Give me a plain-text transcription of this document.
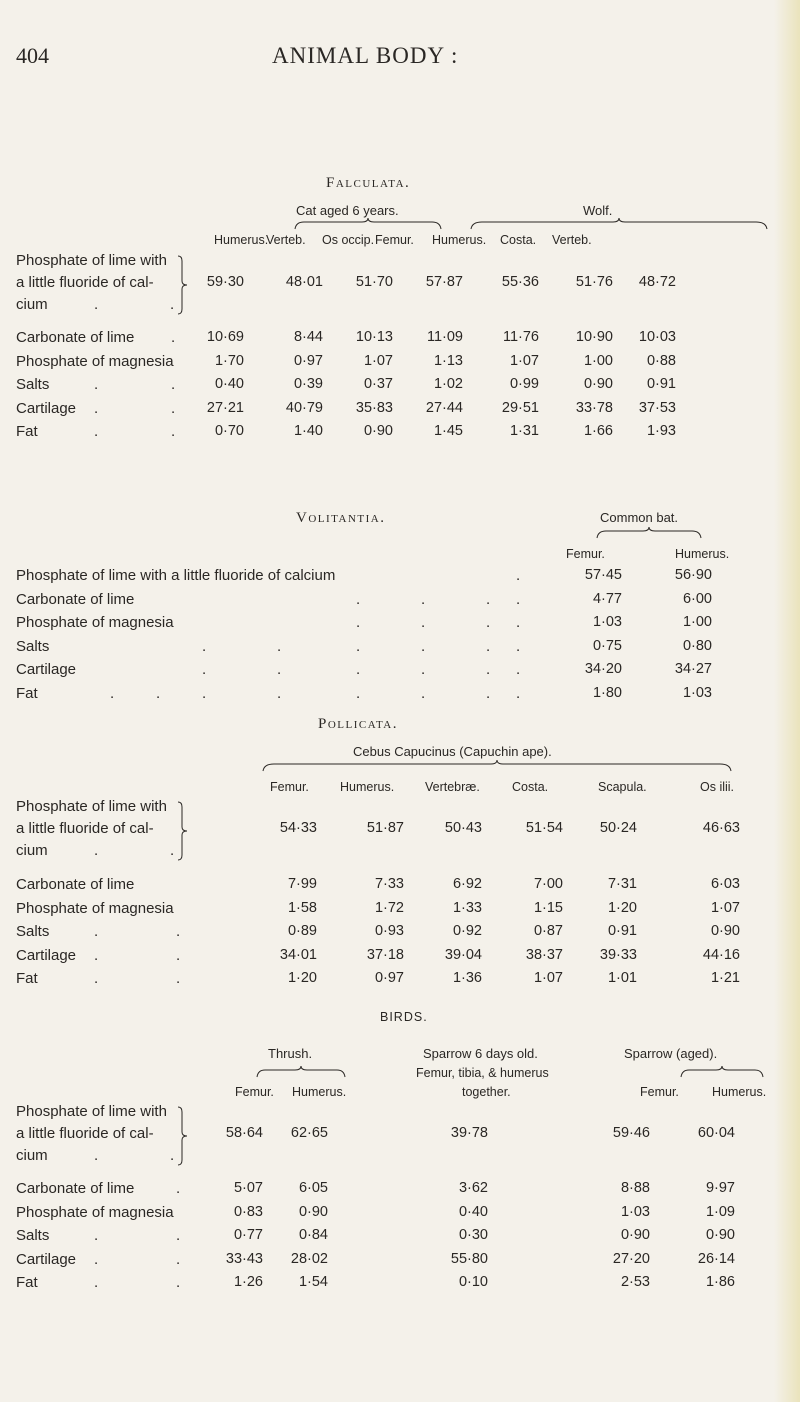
404	ANIMAL BODY :
Falculata.
Cat aged 6 years.	Wolf.
Humerus.
Verteb. Os occip. Femur. Humerus. Costa. Verteb.
Phosphate of lime with
a little fluoride of cal-
cium	.	.
59·30	48·01	51·70	57·87	55·36	51·76	48·72
Carbonate of lime .	10·69	8·44	10·13	11·09	11·76	10·90	10·03
Phosphate of magnesia	1·70	0·97	1·07	1·13	1·07	1·00	0·88
Salts	.	.	0·40	0·39	0·37	1·02	0·99	0·90	0·91
Cartilage .	.	27·21	40·79	35·83	27·44	29·51	33·78	37·53
Fat	.	.	0·70	1·40	0·90	1·45	1·31	1·66	1·93
Volitantia.	Common bat.
Femur.	Humerus.
Phosphate of lime with a little fluoride of calcium	.	57·45	56·90
Carbonate of lime	.	.	. .	4·77	6·00
Phosphate of magnesia	.	.	. .	1·03	1·00
Salts	.	.	.	.	. .	0·75	0·80
Cartilage	.	.	.	.	. .	34·20	34·27
Fat	.	.	.	.	.	.	. .	1·80	1·03
Pollicata.
Cebus Capucinus (Capuchin ape).
Femur. Humerus. Vertebræ.	Costa.	Scapula.	Os ilii.
Phosphate of lime with
a little fluoride of cal-
cium	.	.
54·33	51·87	50·43	51·54	50·24	46·63
Carbonate of lime	7·99	7·33	6·92	7·00	7·31	6·03
Phosphate of magnesia	1·58	1·72	1·33	1·15	1·20	1·07
Salts	.	.	0·89	0·93	0·92	0·87	0·91	0·90
Cartilage .	.	34·01	37·18	39·04	38·37	39·33	44·16
Fat	.	.	1·20	0·97	1·36	1·07	1·01	1·21
BIRDS.
Thrush.	Sparrow 6 days old.	Sparrow (aged).
Femur. Humerus.
Femur, tibia, & humerus
together.	Femur.	Humerus.
Phosphate of lime with
a little fluoride of cal-
cium	.	.
58·64	62·65	39·78	59·46	60·04
Carbonate of lime	.	5·07	6·05	3·62	8·88	9·97
Phosphate of magnesia	0·83	0·90	0·40	1·03	1·09
Salts	.	.	0·77	0·84	0·30	0·90	0·90
Cartilage .	.	33·43	28·02	55·80	27·20	26·14
Fat	.	.	1·26	1·54	0·10	2·53	1·86
